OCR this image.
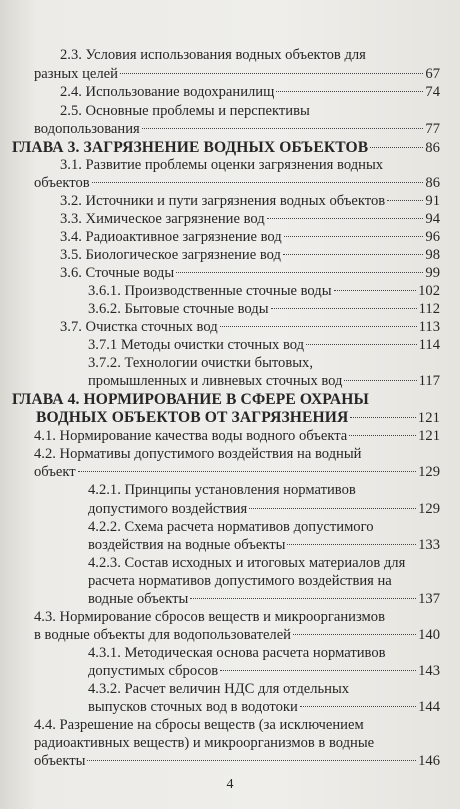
2.3. Условия использования водных объектов для
разных целей	67
2.4. Использование водохранилищ	74
2.5. Основные проблемы и перспективы
водопользования	77
ГЛАВА 3. ЗАГРЯЗНЕНИЕ ВОДНЫХ ОБЪЕКТОВ	86
3.1. Развитие проблемы оценки загрязнения водных
объектов	86
3.2. Источники и пути загрязнения водных объектов	91
3.3. Химическое загрязнение вод	94
3.4. Радиоактивное загрязнение вод	96
3.5. Биологическое загрязнение вод	98
3.6. Сточные воды	99
3.6.1. Производственные сточные воды	102
3.6.2. Бытовые сточные воды	112
3.7. Очистка сточных вод	113
3.7.1 Методы очистки сточных вод	114
3.7.2. Технологии очистки бытовых,
промышленных и ливневых сточных вод	117
ГЛАВА 4. НОРМИРОВАНИЕ В СФЕРЕ ОХРАНЫ
ВОДНЫХ ОБЪЕКТОВ ОТ ЗАГРЯЗНЕНИЯ	121
4.1. Нормирование качества воды водного объекта	121
4.2. Нормативы допустимого воздействия на водный
объект	129
4.2.1. Принципы установления нормативов
допустимого воздействия	129
4.2.2. Схема расчета нормативов допустимого
воздействия на водные объекты	133
4.2.3. Состав исходных и итоговых материалов для
расчета нормативов допустимого воздействия на
водные объекты	137
4.3. Нормирование сбросов веществ и микроорганизмов
в водные объекты для водопользователей	140
4.3.1. Методическая основа расчета нормативов
допустимых сбросов	143
4.3.2. Расчет величин НДС для отдельных
выпусков сточных вод в водотоки	144
4.4. Разрешение на сбросы веществ (за исключением
радиоактивных веществ) и микроорганизмов в водные
объекты	146
4
